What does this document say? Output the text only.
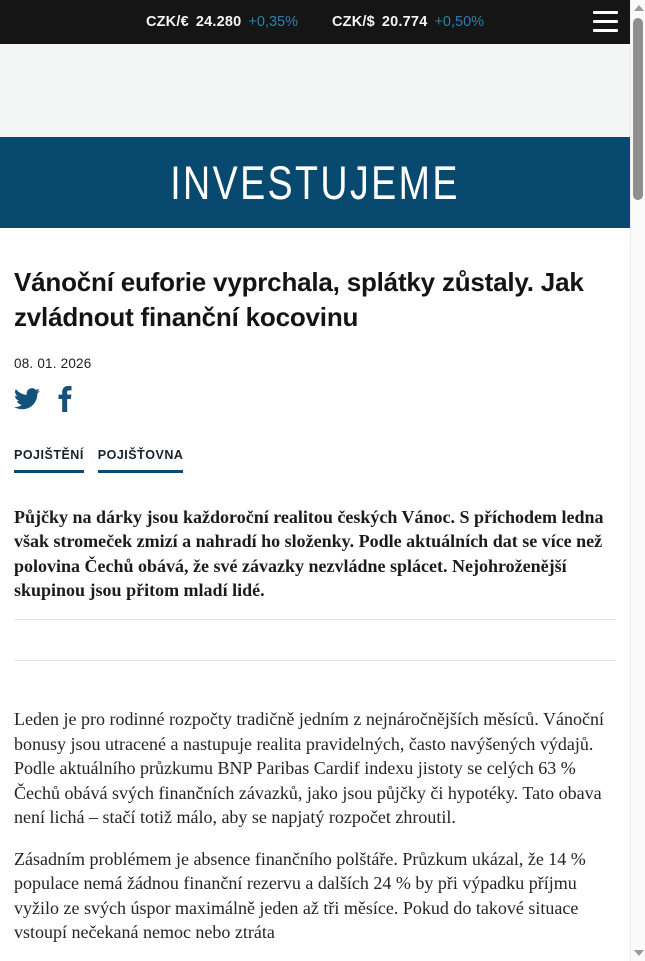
CZK/€ 24.280 +0,35% CZK/$ 20.774 +0,50%
INVESTUJEME
Vánoční euforie vyprchala, splátky zůstaly. Jak zvládnout finanční kocovinu
08. 01. 2026
POJIŠTĚNÍ POJIŠŤOVNA

Půjčky na dárky jsou každoroční realitou českých Vánoc. S příchodem ledna však stromeček zmizí a nahradí ho složenky. Podle aktuálních dat se více než polovina Čechů obává, že své závazky nezvládne splácet. Nejohroženější skupinou jsou přitom mladí lidé.

Leden je pro rodinné rozpočty tradičně jedním z nejnáročnějších měsíců. Vánoční bonusy jsou utracené a nastupuje realita pravidelných, často navýšených výdajů. Podle aktuálního průzkumu BNP Paribas Cardif indexu jistoty se celých 63 % Čechů obává svých finančních závazků, jako jsou půjčky či hypotéky. Tato obava není lichá – stačí totiž málo, aby se napjatý rozpočet zhroutil.

Zásadním problémem je absence finančního polštáře. Průzkum ukázal, že 14 % populace nemá žádnou finanční rezervu a dalších 24 % by při výpadku příjmu vyžilo ze svých úspor maximálně jeden až tři měsíce. Pokud do takové situace vstoupí nečekaná nemoc nebo ztráta
